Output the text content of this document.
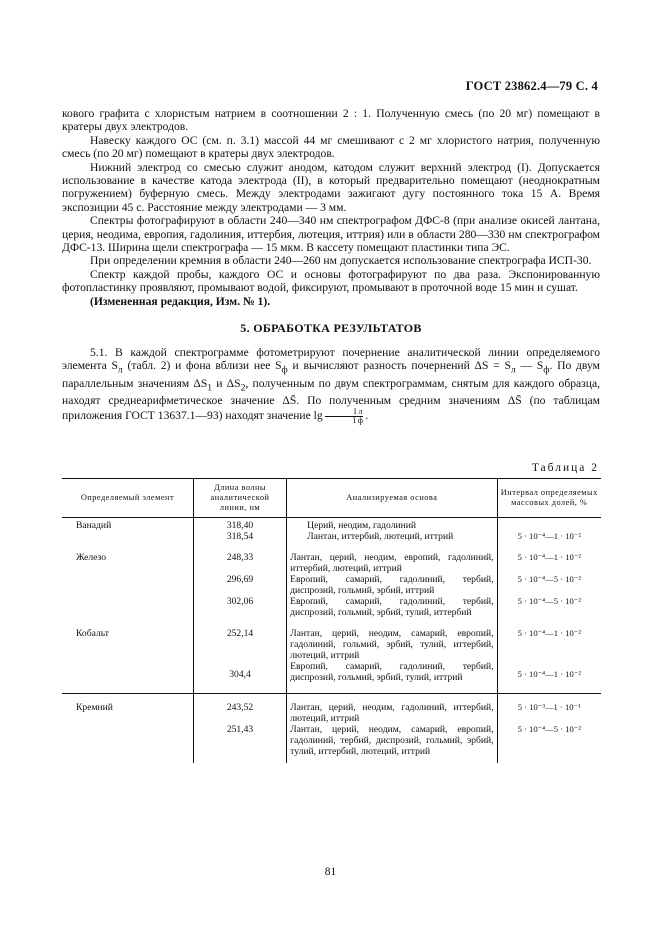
ГОСТ 23862.4—79 С. 4

кового графита с хлористым натрием в соотношении 2 : 1. Полученную смесь (по 20 мг) помещают в кратеры двух электродов.

Навеску каждого ОС (см. п. 3.1) массой 44 мг смешивают с 2 мг хлористого натрия, полученную смесь (по 20 мг) помещают в кратеры двух электродов.

Нижний электрод со смесью служит анодом, катодом служит верхний электрод (I). Допускается использование в качестве катода электрода (II), в который предварительно помещают (неоднократным погружением) буферную смесь. Между электродами зажигают дугу постоянного тока 15 А. Время экспозиции 45 с. Расстояние между электродами — 3 мм.

Спектры фотографируют в области 240—340 нм спектрографом ДФС-8 (при анализе окисей лантана, церия, неодима, европия, гадолиния, иттербия, лютеция, иттрия) или в области 280—330 нм спектрографом ДФС-13. Ширина щели спектрографа — 15 мкм. В кассету помещают пластинки типа ЭС.

При определении кремния в области 240—260 нм допускается использование спектрографа ИСП-30.

Спектр каждой пробы, каждого ОС и основы фотографируют по два раза. Экспонированную фотопластинку проявляют, промывают водой, фиксируют, промывают в проточной воде 15 мин и сушат.

(Измененная редакция, Изм. № 1).

5. ОБРАБОТКА РЕЗУЛЬТАТОВ

5.1. В каждой спектрограмме фотометрируют почернение аналитической линии определяемого элемента $S_л$ (табл. 2) и фона вблизи нее $S_ф$ и вычисляют разность почернений $\Delta S = S_л$ — $S_ф$. По двум параллельным значениям $\Delta S_1$ и $\Delta S_2$, полученным по двум спектрограммам, снятым для каждого образца, находят среднеарифметическое значение ΔS̄. По полученным средним значениям ΔS̄ (по таблицам приложения ГОСТ 13637.1—93) находят значение $\lg \frac{\text{I л}}{\text{I ф}}$ .

Таблица 2
Определяемый элемент	Длина волны аналитической линии, нм	Анализируемая основа	Интервал определяемых массовых долей, %
Ванадий	318,40	Церий, неодим, гадолиний	
	318,54	Лантан, иттербий, лютеций, иттрий	5 · 10⁻⁴—1 · 10⁻²
Железо	248,33	Лантан, церий, неодим, европий, гадолиний, иттербий, лютеций, иттрий	5 · 10⁻⁴—1 · 10⁻²
	296,69	Европий, самарий, гадолиний, тербий, диспрозий, гольмий, эрбий, иттрий	5 · 10⁻⁴—5 · 10⁻²
	302,06	Европий, самарий, гадолиний, тербий, диспрозий, гольмий, эрбий, тулий, иттербий	5 · 10⁻⁴—5 · 10⁻²
Кобальт	252,14	Лантан, церий, неодим, самарий, европий, гадолиний, гольмий, эрбий, тулий, иттербий, лютеций, иттрий	5 · 10⁻⁴—1 · 10⁻²
	304,4	Европий, самарий, гадолиний, тербий, диспрозий, гольмий, эрбий, тулий, иттрий	5 · 10⁻⁴—1 · 10⁻²
Кремний	243,52	Лантан, церий, неодим, гадолиний, иттербий, лютеций, иттрий	5 · 10⁻³—1 · 10⁻¹
	251,43	Лантан, церий, неодим, самарий, европий, гадолиний, тербий, диспрозий, гольмий, эрбий, тулий, иттербий, лютеций, иттрий	5 · 10⁻⁴—5 · 10⁻²

81
